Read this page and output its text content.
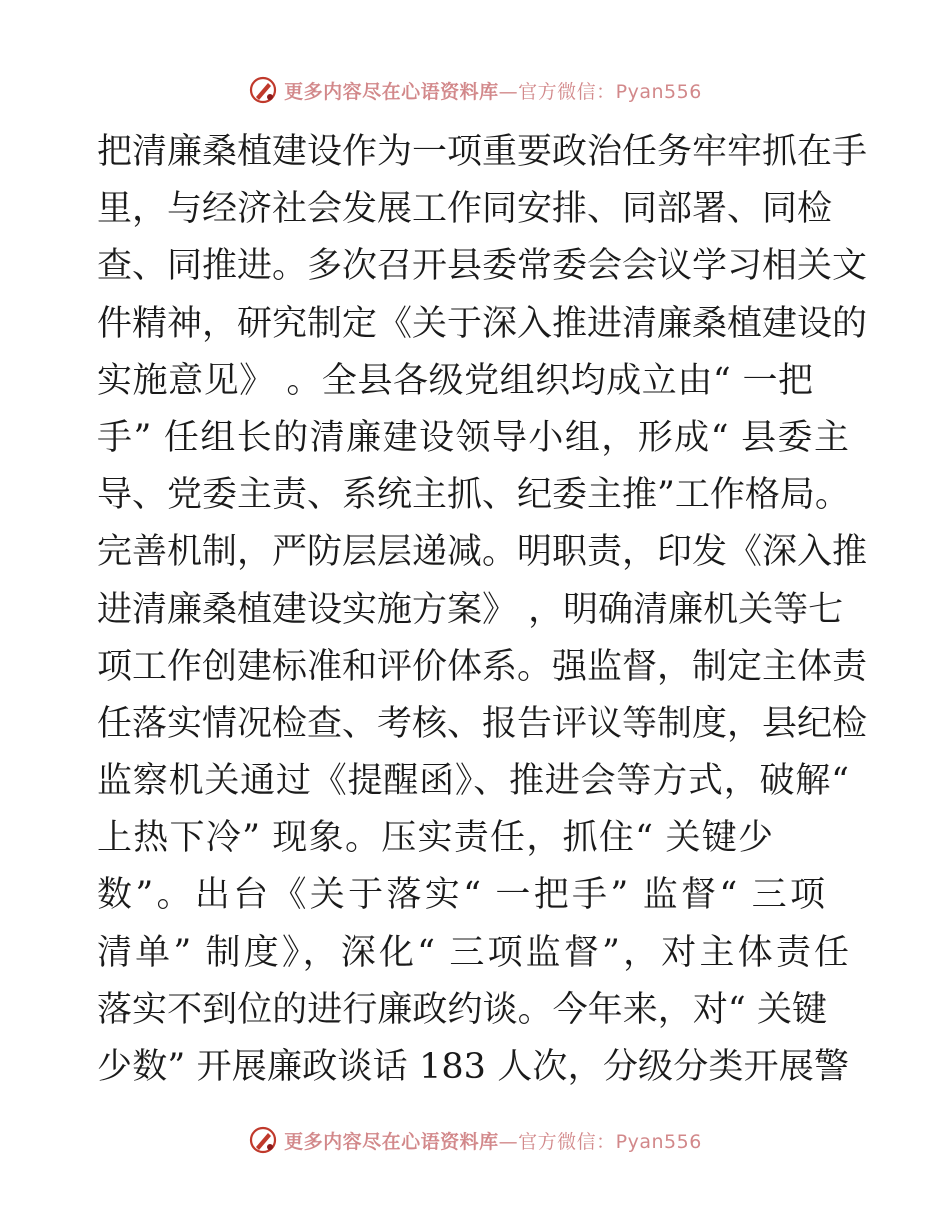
更多内容尽在心语资料库—官方微信：Pyan556
把清廉桑植建设作为一项重要政治任务牢牢抓在手
里，与经济社会发展工作同安排、同部署、同检
查、同推进。多次召开县委常委会会议学习相关文
件精神，研究制定《关于深入推进清廉桑植建设的
实施意见》 。全县各级党组织均成立由“ 一把
手” 任组长的清廉建设领导小组，形成“ 县委主
导、党委主责、系统主抓、纪委主推”工作格局。
完善机制，严防层层递减。明职责，印发《深入推
进清廉桑植建设实施方案》 ，明确清廉机关等七
项工作创建标准和评价体系。强监督，制定主体责
任落实情况检查、考核、报告评议等制度，县纪检
监察机关通过《提醒函》、推进会等方式，破解“
上热下冷” 现象。压实责任，抓住“ 关键少
数”。出台《关于落实“ 一把手” 监督“ 三项
清单” 制度》，深化“ 三项监督”，对主体责任
落实不到位的进行廉政约谈。今年来，对“ 关键
少数” 开展廉政谈话 183 人次，分级分类开展警
更多内容尽在心语资料库—官方微信：Pyan556
